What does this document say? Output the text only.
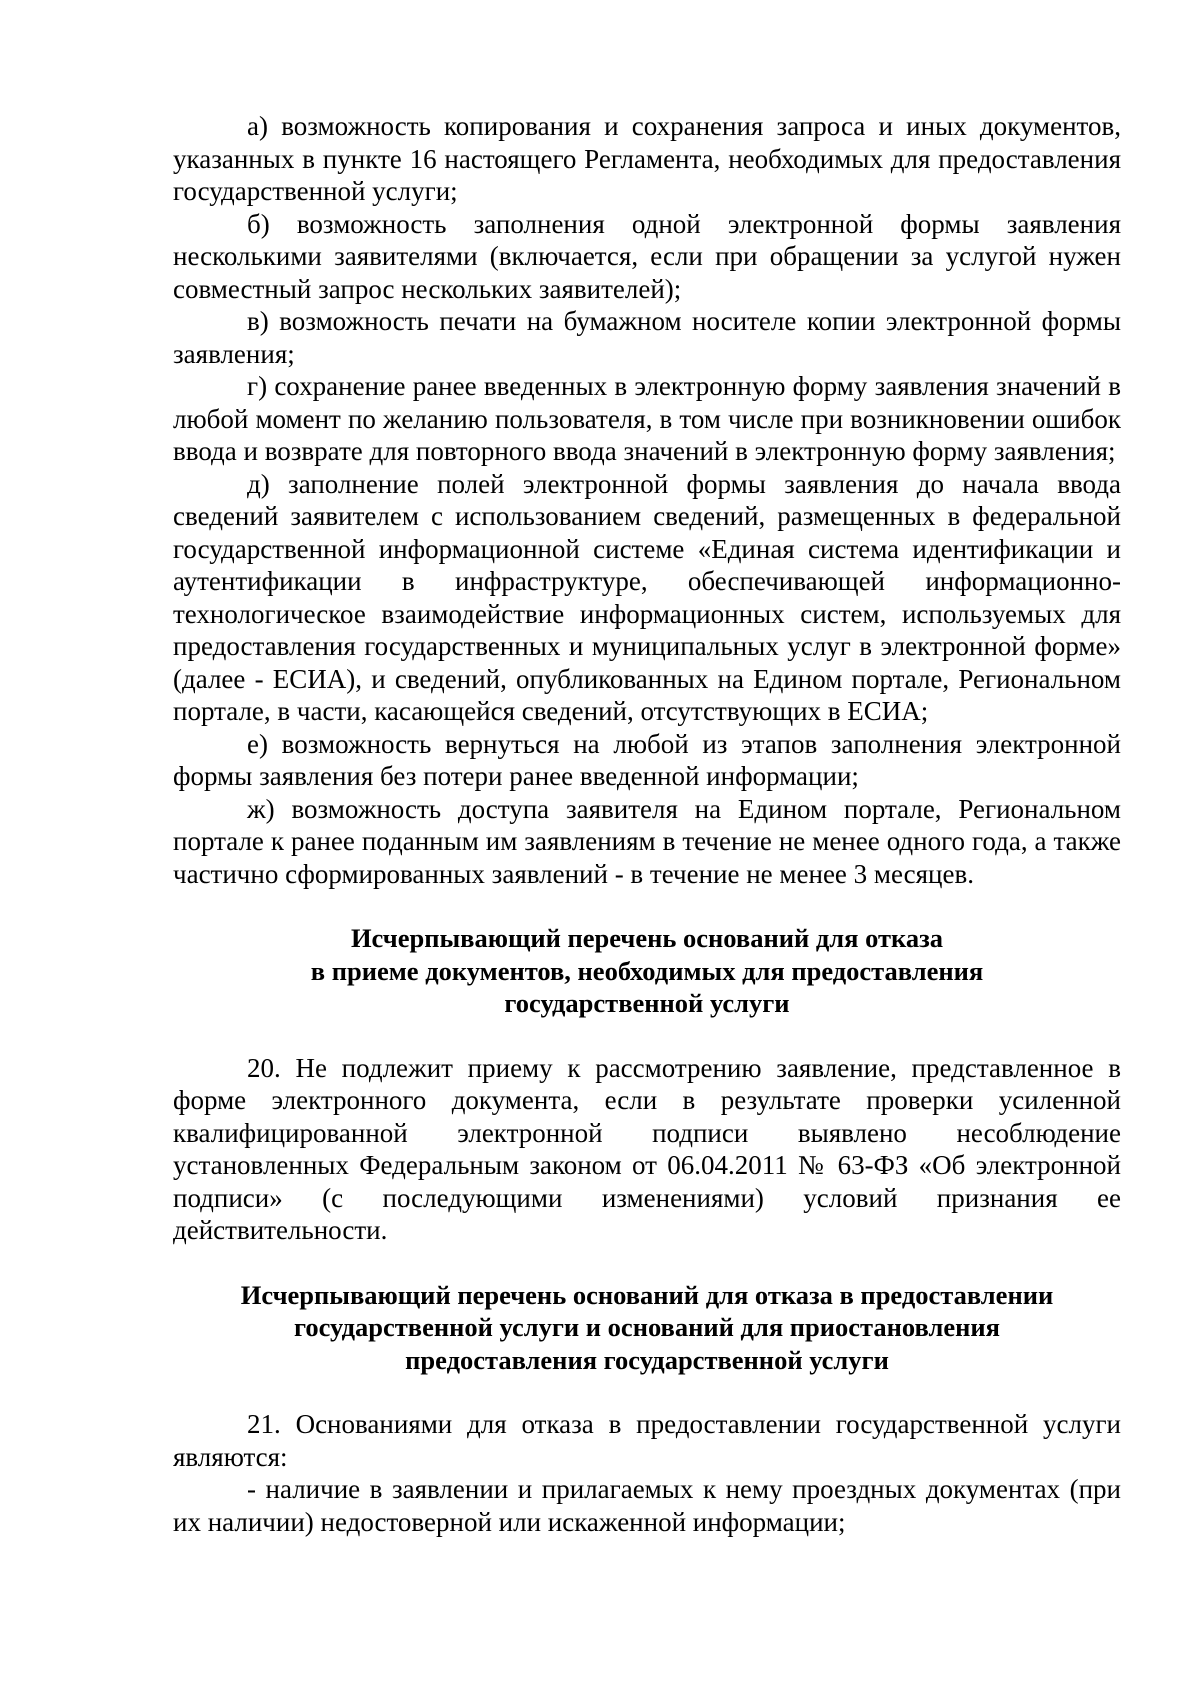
а) возможность копирования и сохранения запроса и иных документов, указанных в пункте 16 настоящего Регламента, необходимых для предоставления государственной услуги;

б) возможность заполнения одной электронной формы заявления несколькими заявителями (включается, если при обращении за услугой нужен совместный запрос нескольких заявителей);

в) возможность печати на бумажном носителе копии электронной формы заявления;

г) сохранение ранее введенных в электронную форму заявления значений в любой момент по желанию пользователя, в том числе при возникновении ошибок ввода и возврате для повторного ввода значений в электронную форму заявления;

д) заполнение полей электронной формы заявления до начала ввода сведений заявителем с использованием сведений, размещенных в федеральной государственной информационной системе «Единая система идентификации и аутентификации в инфраструктуре, обеспечивающей информационно-технологическое взаимодействие информационных систем, используемых для предоставления государственных и муниципальных услуг в электронной форме» (далее - ЕСИА), и сведений, опубликованных на Едином портале, Региональном портале, в части, касающейся сведений, отсутствующих в ЕСИА;

е) возможность вернуться на любой из этапов заполнения электронной формы заявления без потери ранее введенной информации;

ж) возможность доступа заявителя на Едином портале, Региональном портале к ранее поданным им заявлениям в течение не менее одного года, а также частично сформированных заявлений - в течение не менее 3 месяцев.

Исчерпывающий перечень оснований для отказа
в приеме документов, необходимых для предоставления
государственной услуги

20. Не подлежит приему к рассмотрению заявление, представленное в форме электронного документа, если в результате проверки усиленной квалифицированной электронной подписи выявлено несоблюдение установленных Федеральным законом от 06.04.2011 № 63-ФЗ «Об электронной подписи» (с последующими изменениями) условий признания ее действительности.

Исчерпывающий перечень оснований для отказа в предоставлении
государственной услуги и оснований для приостановления
предоставления государственной услуги

21. Основаниями для отказа в предоставлении государственной услуги являются:

- наличие в заявлении и прилагаемых к нему проездных документах (при их наличии) недостоверной или искаженной информации;
